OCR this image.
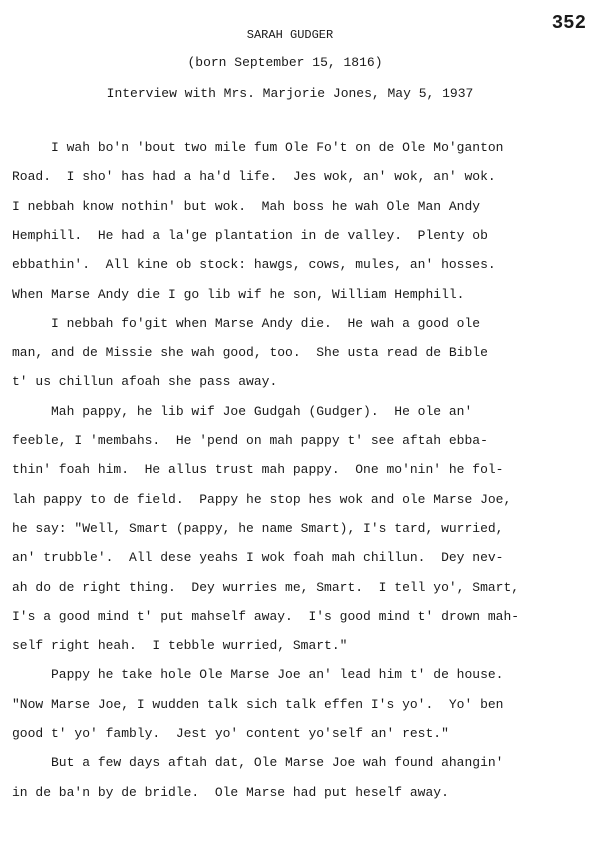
352
SARAH GUDGER
(born September 15, 1816)
Interview with Mrs. Marjorie Jones, May 5, 1937
I wah bo'n 'bout two mile fum Ole Fo't on de Ole Mo'ganton
Road.  I sho' has had a ha'd life.  Jes wok, an' wok, an' wok.
I nebbah know nothin' but wok.  Mah boss he wah Ole Man Andy
Hemphill.  He had a la'ge plantation in de valley.  Plenty ob
ebbathin'.  All kine ob stock: hawgs, cows, mules, an' hosses.
When Marse Andy die I go lib wif he son, William Hemphill.
I nebbah fo'git when Marse Andy die.  He wah a good ole
man, and de Missie she wah good, too.  She usta read de Bible
t' us chillun afoah she pass away.
Mah pappy, he lib wif Joe Gudgah (Gudger).  He ole an'
feeble, I 'membahs.  He 'pend on mah pappy t' see aftah ebba-
thin' foah him.  He allus trust mah pappy.  One mo'nin' he fol-
lah pappy to de field.  Pappy he stop hes wok and ole Marse Joe,
he say: "Well, Smart (pappy, he name Smart), I's tard, wurried,
an' trubble'.  All dese yeahs I wok foah mah chillun.  Dey nev-
ah do de right thing.  Dey wurries me, Smart.  I tell yo', Smart,
I's a good mind t' put mahself away.  I's good mind t' drown mah-
self right heah.  I tebble wurried, Smart."
Pappy he take hole Ole Marse Joe an' lead him t' de house.
"Now Marse Joe, I wudden talk sich talk effen I's yo'.  Yo' ben
good t' yo' fambly.  Jest yo' content yo'self an' rest."
But a few days aftah dat, Ole Marse Joe wah found ahangin'
in de ba'n by de bridle.  Ole Marse had put heself away.
